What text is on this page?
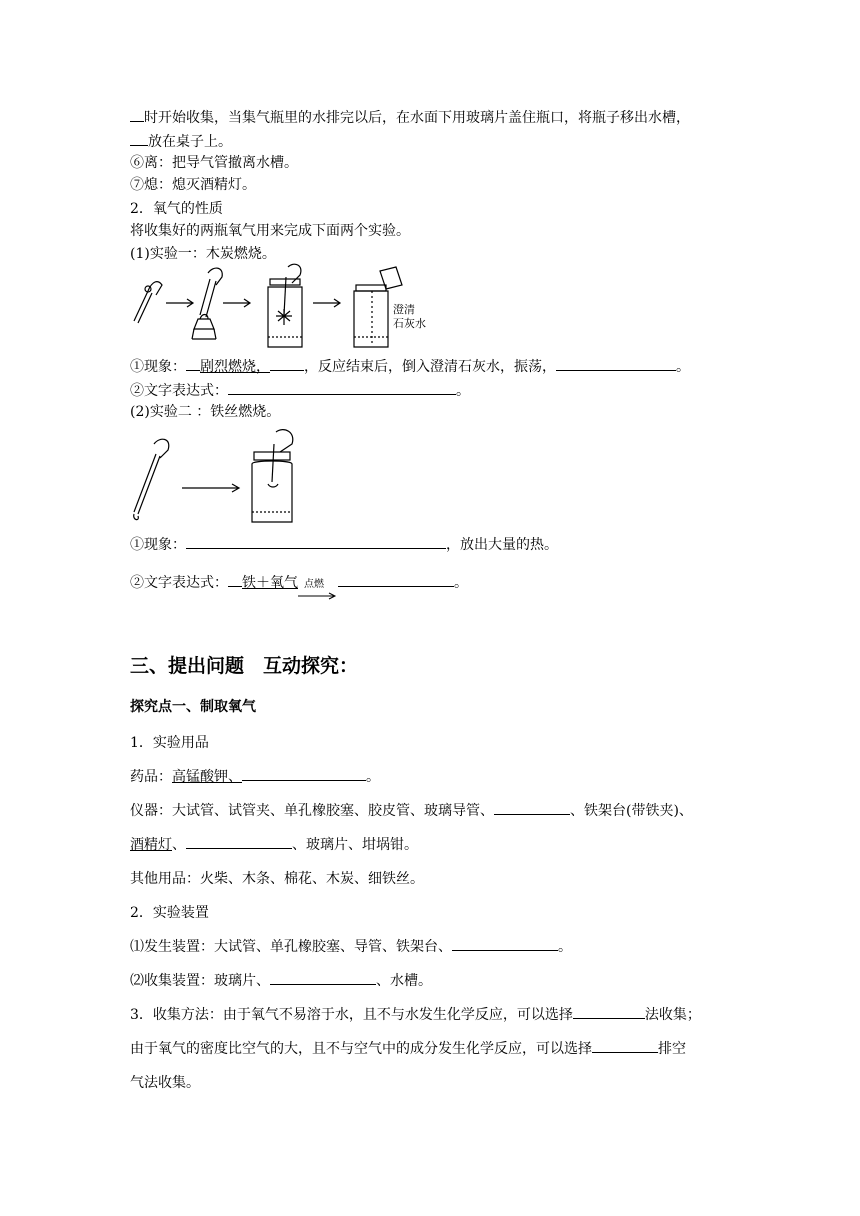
时开始收集，当集气瓶里的水排完以后，在水面下用玻璃片盖住瓶口，将瓶子移出水槽，
放在桌子上。
⑥离：把导气管撤离水槽。
⑦熄：熄灭酒精灯。
2．氧气的性质
将收集好的两瓶氧气用来完成下面两个实验。
(1)实验一：木炭燃烧。
澄清
石灰水
①现象： 剧烈燃烧， ，反应结束后，倒入澄清石灰水，振荡，	。
②文字表达式：	。
(2)实验二 ：铁丝燃烧。
①现象：	，放出大量的热。
②文字表达式： 铁＋氧气 点燃	。
三、提出问题　互动探究：
探究点一、制取氧气
1．实验用品
药品：高锰酸钾、	。
仪器：大试管、试管夹、单孔橡胶塞、胶皮管、玻璃导管、	、铁架台(带铁夹)、
酒精灯、	、玻璃片、坩埚钳。
其他用品：火柴、木条、棉花、木炭、细铁丝。
2．实验装置
⑴发生装置：大试管、单孔橡胶塞、导管、铁架台、	。
⑵收集装置：玻璃片、	、水槽。
3．收集方法：由于氧气不易溶于水，且不与水发生化学反应，可以选择	法收集；
由于氧气的密度比空气的大，且不与空气中的成分发生化学反应，可以选择	排空
气法收集。
